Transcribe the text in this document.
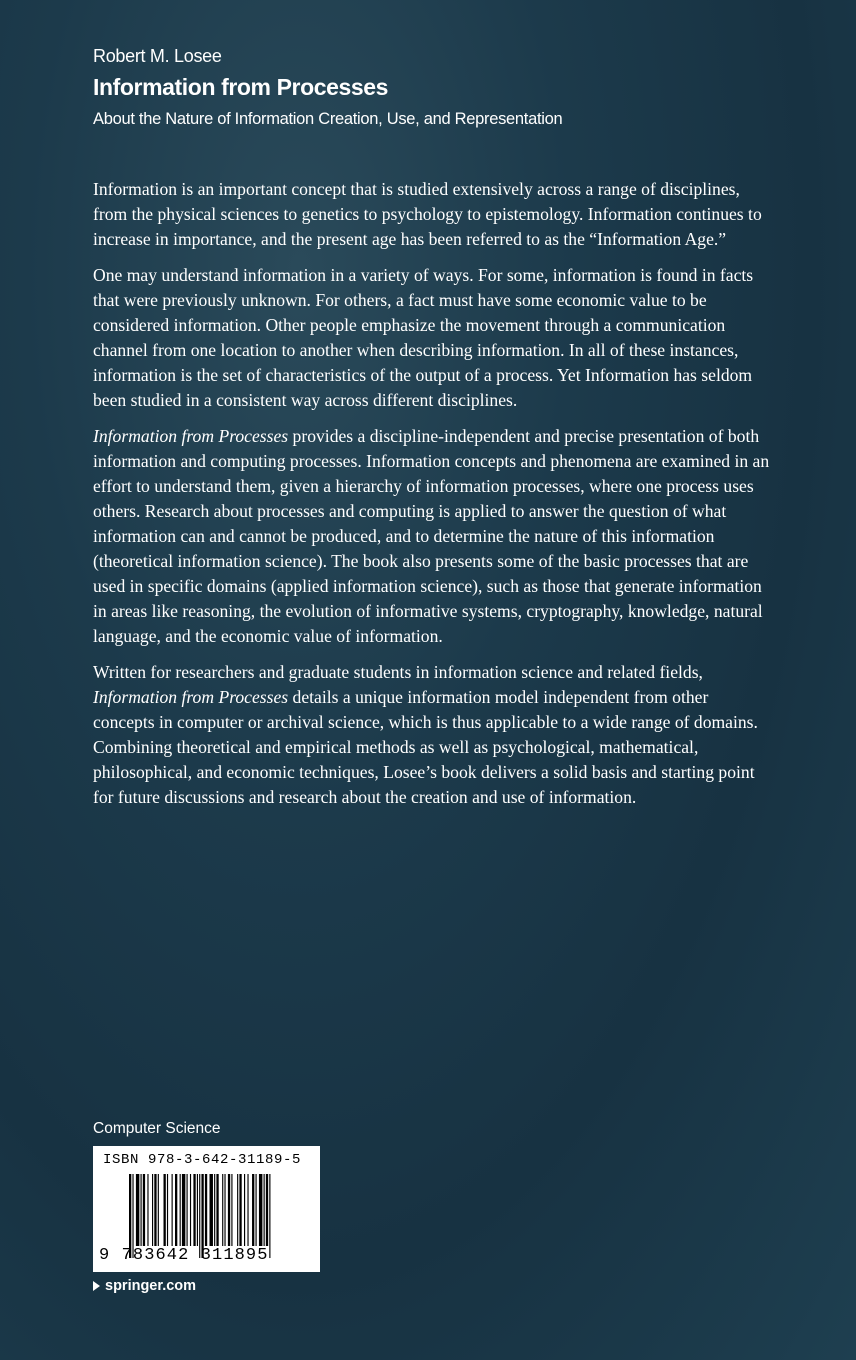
Robert M. Losee
Information from Processes
About the Nature of Information Creation, Use, and Representation

Information is an important concept that is studied extensively across a range of disciplines, from the physical sciences to genetics to psychology to epistemology. Information continues to increase in importance, and the present age has been referred to as the “Information Age.”

One may understand information in a variety of ways. For some, information is found in facts that were previously unknown. For others, a fact must have some economic value to be considered information. Other people emphasize the movement through a communication channel from one location to another when describing information. In all of these instances, information is the set of characteristics of the output of a process. Yet Information has seldom been studied in a consistent way across different disciplines.

Information from Processes provides a discipline-independent and precise presentation of both information and computing processes. Information concepts and phenomena are examined in an effort to understand them, given a hierarchy of information processes, where one process uses others. Research about processes and computing is applied to answer the question of what information can and cannot be produced, and to determine the nature of this information (theoretical information science). The book also presents some of the basic processes that are used in specific domains (applied information science), such as those that generate information in areas like reasoning, the evolution of informative systems, cryptography, knowledge, natural language, and the economic value of information.

Written for researchers and graduate students in information science and related fields, Information from Processes details a unique information model independent from other concepts in computer or archival science, which is thus applicable to a wide range of domains. Combining theoretical and empirical methods as well as psychological, mathematical, philosophical, and economic techniques, Losee’s book delivers a solid basis and starting point for future discussions and research about the creation and use of information.

Computer Science
ISBN 978-3-642-31189-5
9 783642 311895
springer.com
